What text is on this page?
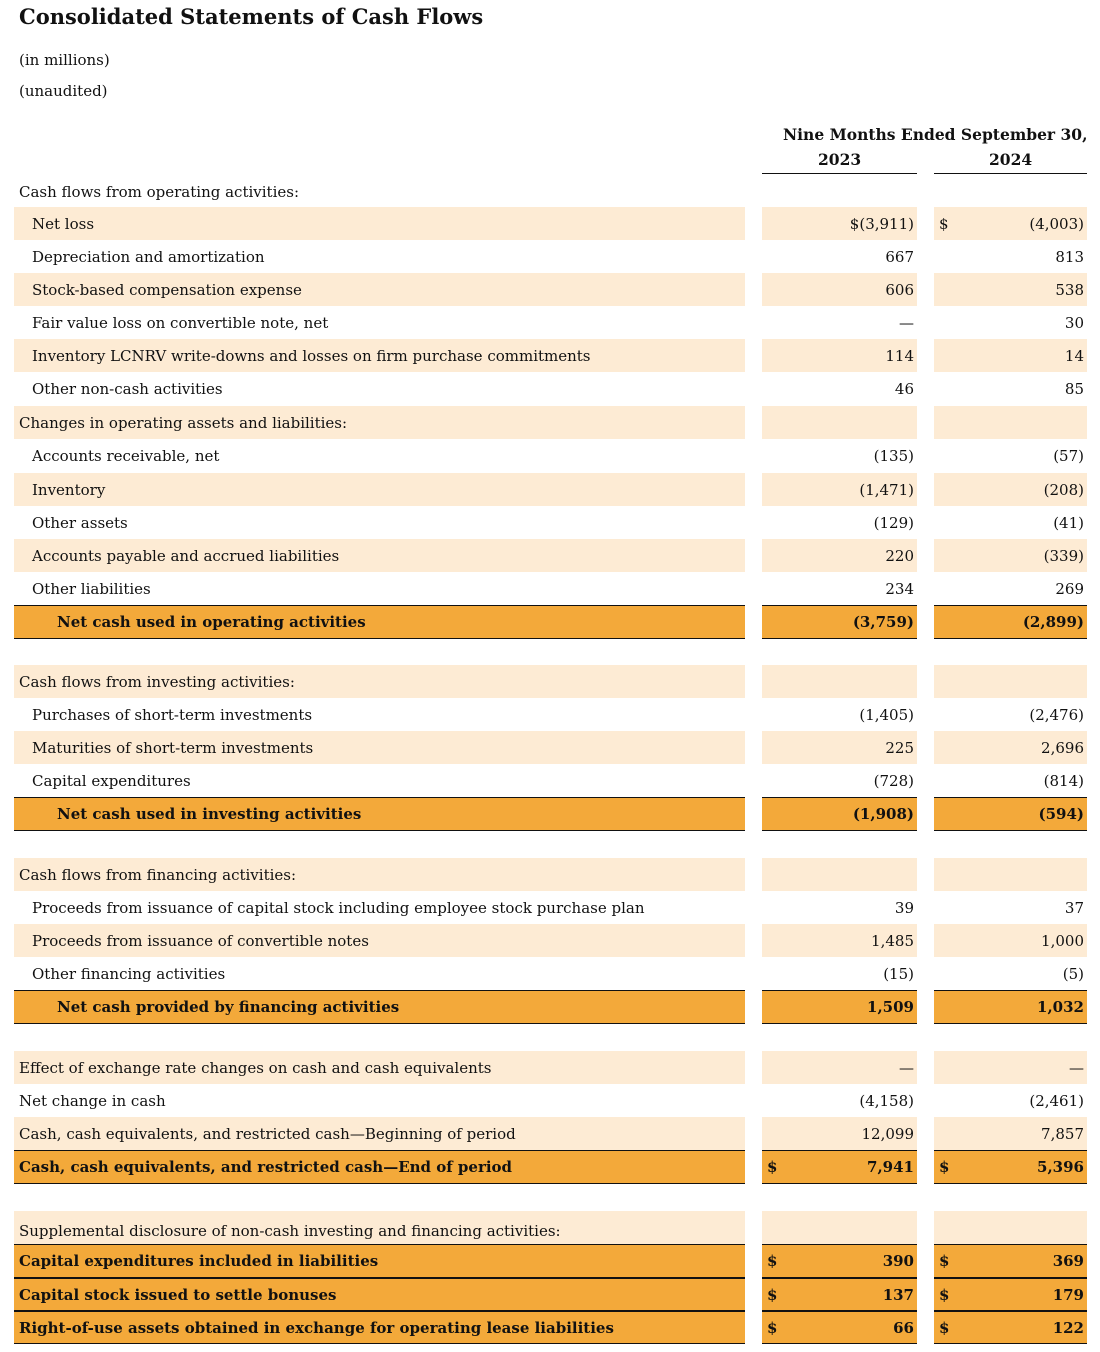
Consolidated Statements of Cash Flows
(in millions)
(unaudited)
Nine Months Ended September 30,
2023	2024
Cash flows from operating activities:
Net loss	$(3,911) $	(4,003)
Depreciation and amortization	667	813
Stock-based compensation expense	606	538
Fair value loss on convertible note, net	—	30
Inventory LCNRV write-downs and losses on firm purchase commitments	114	14
Other non-cash activities	46	85
Changes in operating assets and liabilities:
Accounts receivable, net	(135)	(57)
Inventory	(1,471)	(208)
Other assets	(129)	(41)
Accounts payable and accrued liabilities	220	(339)
Other liabilities	234	269
Net cash used in operating activities	(3,759)	(2,899)
Cash flows from investing activities:
Purchases of short-term investments	(1,405)	(2,476)
Maturities of short-term investments	225	2,696
Capital expenditures	(728)	(814)
Net cash used in investing activities	(1,908)	(594)
Cash flows from financing activities:
Proceeds from issuance of capital stock including employee stock purchase plan	39	37
Proceeds from issuance of convertible notes	1,485	1,000
Other financing activities	(15)	(5)
Net cash provided by financing activities	1,509	1,032
Effect of exchange rate changes on cash and cash equivalents	—	—
Net change in cash	(4,158)	(2,461)
Cash, cash equivalents, and restricted cash—Beginning of period	12,099	7,857
Cash, cash equivalents, and restricted cash—End of period	$	7,941 $	5,396
Supplemental disclosure of non-cash investing and financing activities:
Capital expenditures included in liabilities	$	390 $	369
Capital stock issued to settle bonuses	$	137 $	179
Right-of-use assets obtained in exchange for operating lease liabilities	$	66 $	122
